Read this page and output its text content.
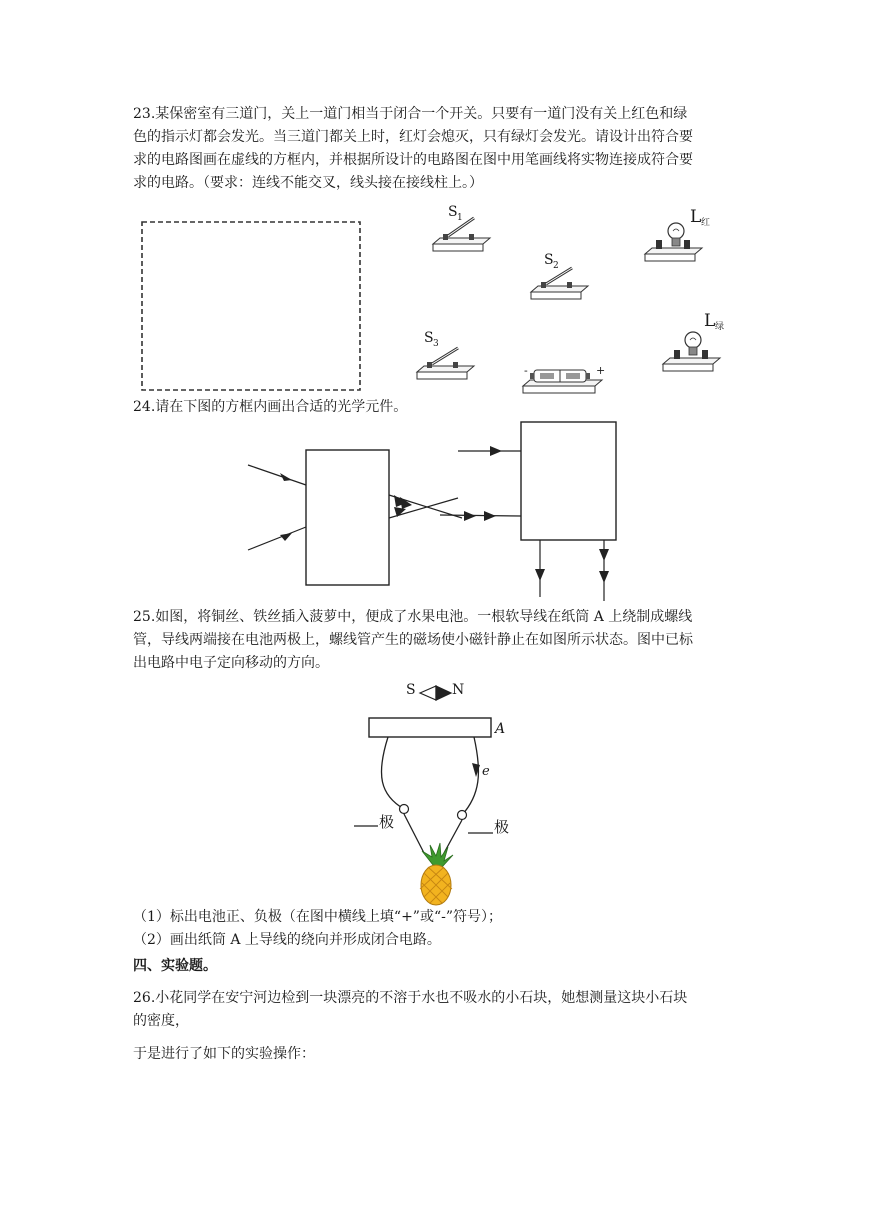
23.某保密室有三道门，关上一道门相当于闭合一个开关。只要有一道门没有关上红色和绿
色的指示灯都会发光。当三道门都关上时，红灯会熄灭，只有绿灯会发光。请设计出符合要
求的电路图画在虚线的方框内，并根据所设计的电路图在图中用笔画线将实物连接成符合要
求的电路。（要求：连线不能交叉，线头接在接线柱上。）
S 1
S 2
S 3
-	+
L 红
L 绿
24.请在下图的方框内画出合适的光学元件。
25.如图，将铜丝、铁丝插入菠萝中，便成了水果电池。一根软导线在纸筒 A 上绕制成螺线
管，导线两端接在电池两极上，螺线管产生的磁场使小磁针静止在如图所示状态。图中已标
出电路中电子定向移动的方向。
S	N
A
e
极	极
（1）标出电池正、负极（在图中横线上填“+”或“-”符号）；
（2）画出纸筒 A 上导线的绕向并形成闭合电路。
四、实验题。
26.小花同学在安宁河边检到一块漂亮的不溶于水也不吸水的小石块，她想测量这块小石块
的密度，
于是进行了如下的实验操作：
